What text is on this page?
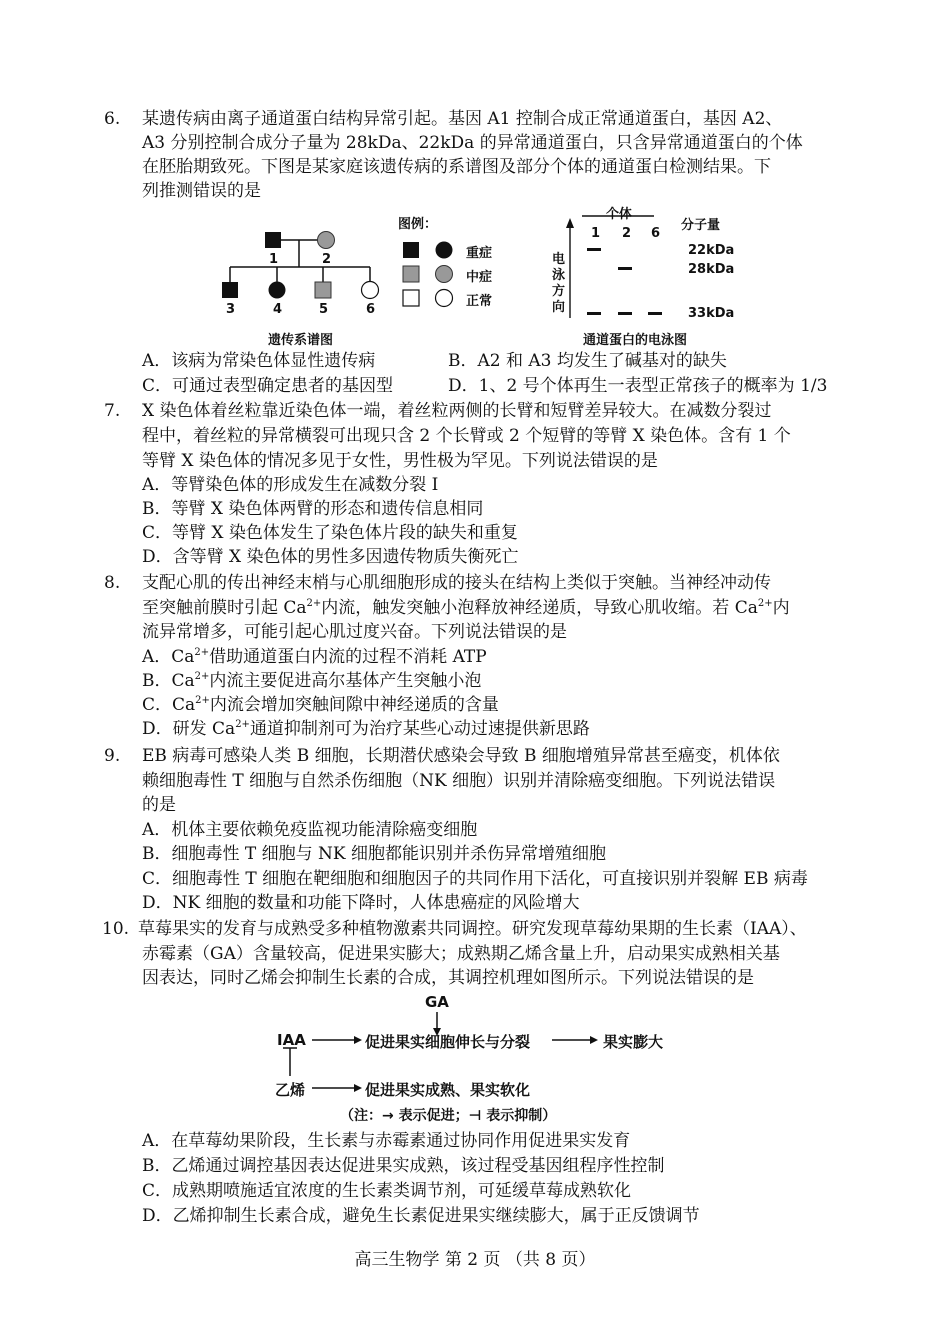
6. 某遗传病由离子通道蛋白结构异常引起。基因 A1 控制合成正常通道蛋白，基因 A2、
A3 分别控制合成分子量为 28kDa、22kDa 的异常通道蛋白，只含异常通道蛋白的个体
在胚胎期致死。下图是某家庭该遗传病的系谱图及部分个体的通道蛋白检测结果。下
列推测错误的是
1	2
3	4	5	6
遗传系谱图
图例：
重症
中症
正常
个体
分子量
1 2 6
22kDa
28kDa
33kDa
电
泳
方
向
通道蛋白的电泳图
A．该病为常染色体显性遗传病	B．A2 和 A3 均发生了碱基对的缺失
C．可通过表型确定患者的基因型	D．1、2 号个体再生一表型正常孩子的概率为 1/3
7. X 染色体着丝粒靠近染色体一端，着丝粒两侧的长臂和短臂差异较大。在减数分裂过
程中，着丝粒的异常横裂可出现只含 2 个长臂或 2 个短臂的等臂 X 染色体。含有 1 个
等臂 X 染色体的情况多见于女性，男性极为罕见。下列说法错误的是
A．等臂染色体的形成发生在减数分裂 I
B．等臂 X 染色体两臂的形态和遗传信息相同
C．等臂 X 染色体发生了染色体片段的缺失和重复
D．含等臂 X 染色体的男性多因遗传物质失衡死亡
8. 支配心肌的传出神经末梢与心肌细胞形成的接头在结构上类似于突触。当神经冲动传
至突触前膜时引起 $Ca^{2+}$内流，触发突触小泡释放神经递质，导致心肌收缩。若 $Ca^{2+}$内
流异常增多，可能引起心肌过度兴奋。下列说法错误的是
A．$Ca^{2+}$借助通道蛋白内流的过程不消耗 ATP
B．$Ca^{2+}$内流主要促进高尔基体产生突触小泡
C．$Ca^{2+}$内流会增加突触间隙中神经递质的含量
D．研发 $Ca^{2+}$通道抑制剂可为治疗某些心动过速提供新思路
9. EB 病毒可感染人类 B 细胞，长期潜伏感染会导致 B 细胞增殖异常甚至癌变，机体依
赖细胞毒性 T 细胞与自然杀伤细胞（NK 细胞）识别并清除癌变细胞。下列说法错误
的是
A．机体主要依赖免疫监视功能清除癌变细胞
B．细胞毒性 T 细胞与 NK 细胞都能识别并杀伤异常增殖细胞
C．细胞毒性 T 细胞在靶细胞和细胞因子的共同作用下活化，可直接识别并裂解 EB 病毒
D．NK 细胞的数量和功能下降时，人体患癌症的风险增大
10. 草莓果实的发育与成熟受多种植物激素共同调控。研究发现草莓幼果期的生长素（IAA）、
赤霉素（GA）含量较高，促进果实膨大；成熟期乙烯含量上升，启动果实成熟相关基
因表达，同时乙烯会抑制生长素的合成，其调控机理如图所示。下列说法错误的是
GA
IAA	促进果实细胞伸长与分裂	果实膨大
乙烯	促进果实成熟、果实软化
（注：→ 表示促进；⊣ 表示抑制）
A．在草莓幼果阶段，生长素与赤霉素通过协同作用促进果实发育
B．乙烯通过调控基因表达促进果实成熟，该过程受基因组程序性控制
C．成熟期喷施适宜浓度的生长素类调节剂，可延缓草莓成熟软化
D．乙烯抑制生长素合成，避免生长素促进果实继续膨大，属于正反馈调节
高三生物学 第 2 页 （共 8 页）
